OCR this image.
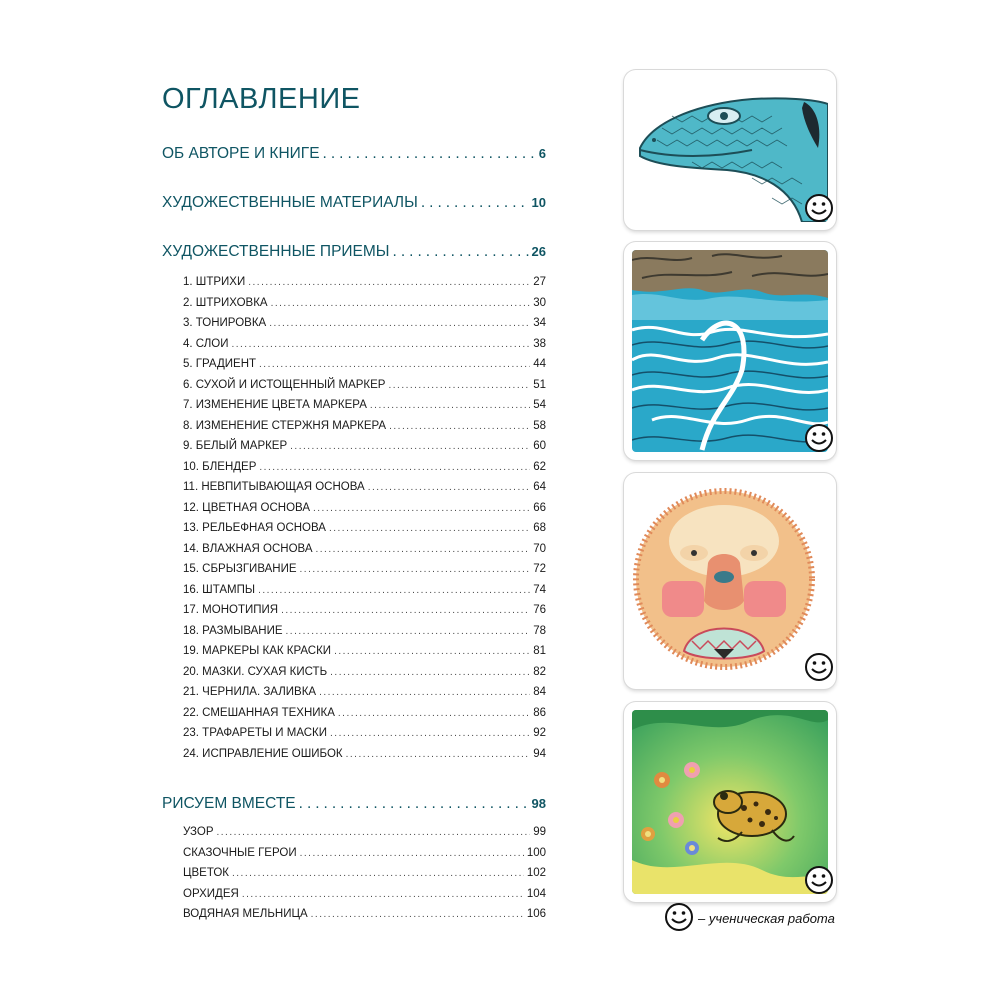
ОГЛАВЛЕНИЕ
ОБ АВТОРЕ И КНИГЕ .....	6
ХУДОЖЕСТВЕННЫЕ МАТЕРИАЛЫ .....	10
ХУДОЖЕСТВЕННЫЕ ПРИЕМЫ .....	26
1. ШТРИХИ .....	27
2. ШТРИХОВКА .....	30
3. ТОНИРОВКА .....	34
4. СЛОИ .....	38
5. ГРАДИЕНТ .....	44
6. СУХОЙ И ИСТОЩЕННЫЙ МАРКЕР .....	51
7. ИЗМЕНЕНИЕ ЦВЕТА МАРКЕРА .....	54
8. ИЗМЕНЕНИЕ СТЕРЖНЯ МАРКЕРА .....	58
9. БЕЛЫЙ МАРКЕР .....	60
10. БЛЕНДЕР .....	62
11. НЕВПИТЫВАЮЩАЯ ОСНОВА .....	64
12. ЦВЕТНАЯ ОСНОВА .....	66
13. РЕЛЬЕФНАЯ ОСНОВА .....	68
14. ВЛАЖНАЯ ОСНОВА .....	70
15. СБРЫЗГИВАНИЕ .....	72
16. ШТАМПЫ .....	74
17. МОНОТИПИЯ .....	76
18. РАЗМЫВАНИЕ .....	78
19. МАРКЕРЫ КАК КРАСКИ .....	81
20. МАЗКИ. СУХАЯ КИСТЬ .....	82
21. ЧЕРНИЛА. ЗАЛИВКА .....	84
22. СМЕШАННАЯ ТЕХНИКА .....	86
23. ТРАФАРЕТЫ И МАСКИ .....	92
24. ИСПРАВЛЕНИЕ ОШИБОК .....	94
РИСУЕМ ВМЕСТЕ .....	98
УЗОР .....	99
СКАЗОЧНЫЕ ГЕРОИ .....	100
ЦВЕТОК .....	102
ОРХИДЕЯ .....	104
ВОДЯНАЯ МЕЛЬНИЦА .....	106	– ученическая работа
